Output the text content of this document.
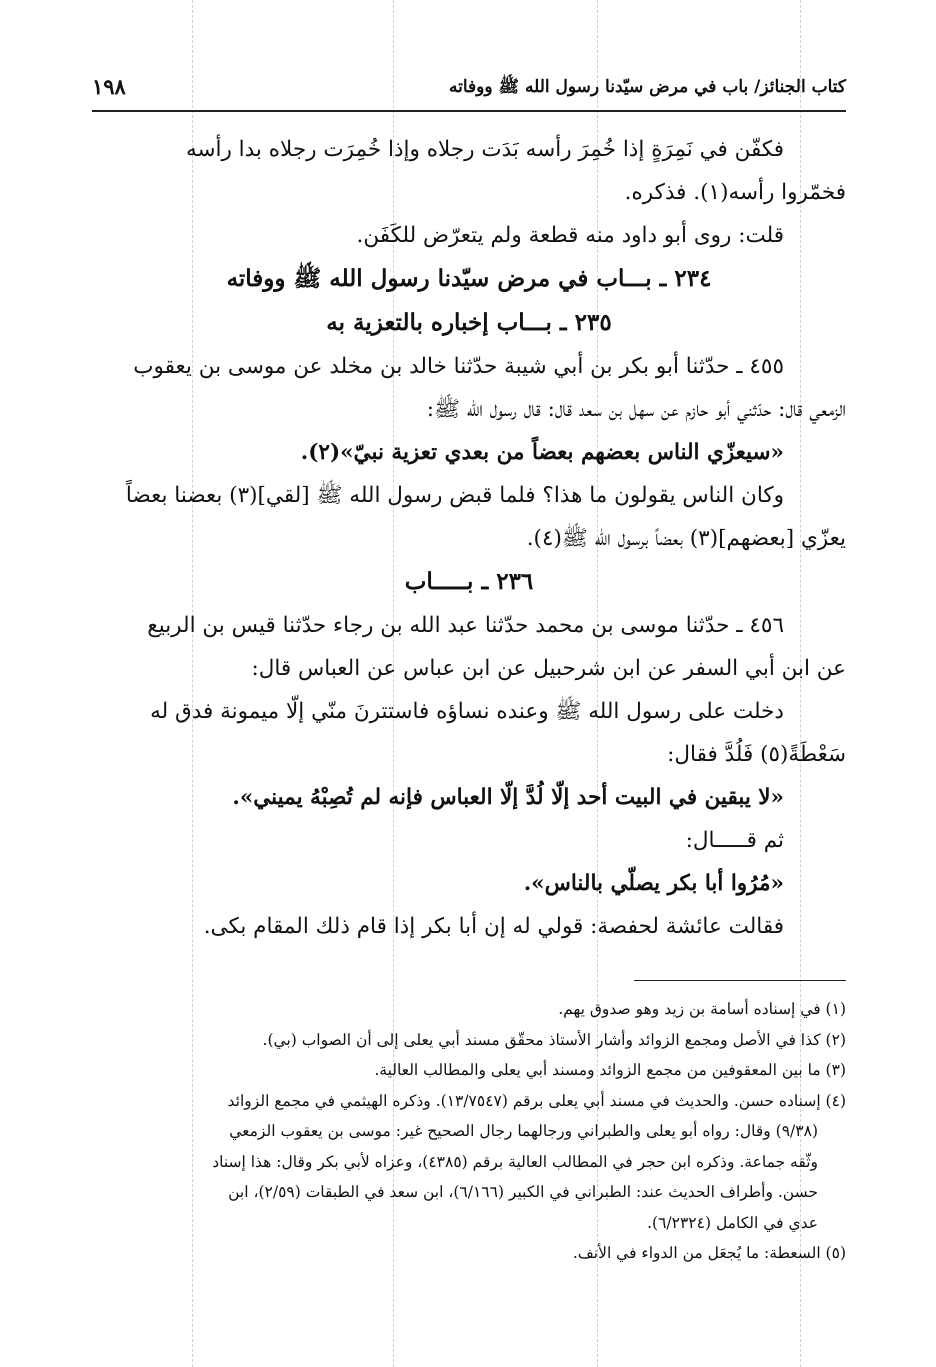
كتاب الجنائز/ باب في مرض سيّدنا رسول الله ﷺ ووفاته
١٩٨
فكفّن في نَمِرَةٍ إذا خُمِرَ رأسه بَدَت رجلاه وإذا خُمِرَت رجلاه بدا رأسه
فخمّروا رأسه(١). فذكره.
قلت: روى أبو داود منه قطعة ولم يتعرّض للكَفَن.
٢٣٤ ـ بـــاب في مرض سيّدنا رسول الله ﷺ ووفاته
٢٣٥ ـ بـــاب إخباره بالتعزية به
٤٥٥ ـ حدّثنا أبو بكر بن أبي شيبة حدّثنا خالد بن مخلد عن موسى بن يعقوب
الزمعي قال: حدّثني أبو حازم عن سهل بن سعد قال: قال رسول الله ﷺ:
«سيعزّي الناس بعضهم بعضاً من بعدي تعزية نبيّ»(٢).
وكان الناس يقولون ما هذا؟ فلما قبض رسول الله ﷺ [لقي](٣) بعضنا بعضاً
يعزّي [بعضهم](٣) بعضاً برسول الله ﷺ(٤).
٢٣٦ ـ بـــــاب
٤٥٦ ـ حدّثنا موسى بن محمد حدّثنا عبد الله بن رجاء حدّثنا قيس بن الربيع
عن ابن أبي السفر عن ابن شرحبيل عن ابن عباس عن العباس قال:
دخلت على رسول الله ﷺ وعنده نساؤه فاستترنَ منّي إلّا ميمونة فدق له
سَعْطَةً(٥) فَلُدَّ فقال:
«لا يبقين في البيت أحد إلّا لُدَّ إلّا العباس فإنه لم تُصِبْهُ يميني».
ثم قـــــال:
«مُرُوا أبا بكر يصلّي بالناس».
فقالت عائشة لحفصة: قولي له إن أبا بكر إذا قام ذلك المقام بكى.
(١) في إسناده أسامة بن زيد وهو صدوق يهم.
(٢) كذا في الأصل ومجمع الزوائد وأشار الأستاذ محقّق مسند أبي يعلى إلى أن الصواب (بي).
(٣) ما بين المعقوفين من مجمع الزوائد ومسند أبي يعلى والمطالب العالية.
(٤) إسناده حسن. والحديث في مسند أبي يعلى برقم (١٣/٧٥٤٧). وذكره الهيثمي في مجمع الزوائد
(٩/٣٨) وقال: رواه أبو يعلى والطبراني ورجالهما رجال الصحيح غير: موسى بن يعقوب الزمعي
وثّقه جماعة. وذكره ابن حجر في المطالب العالية برقم (٤٣٨٥)، وعزاه لأبي بكر وقال: هذا إسناد
حسن. وأطراف الحديث عند: الطبراني في الكبير (٦/١٦٦)، ابن سعد في الطبقات (٢/٥٩)، ابن
عدي في الكامل (٦/٢٣٢٤).
(٥) السعطة: ما يُجعَل من الدواء في الأنف.
